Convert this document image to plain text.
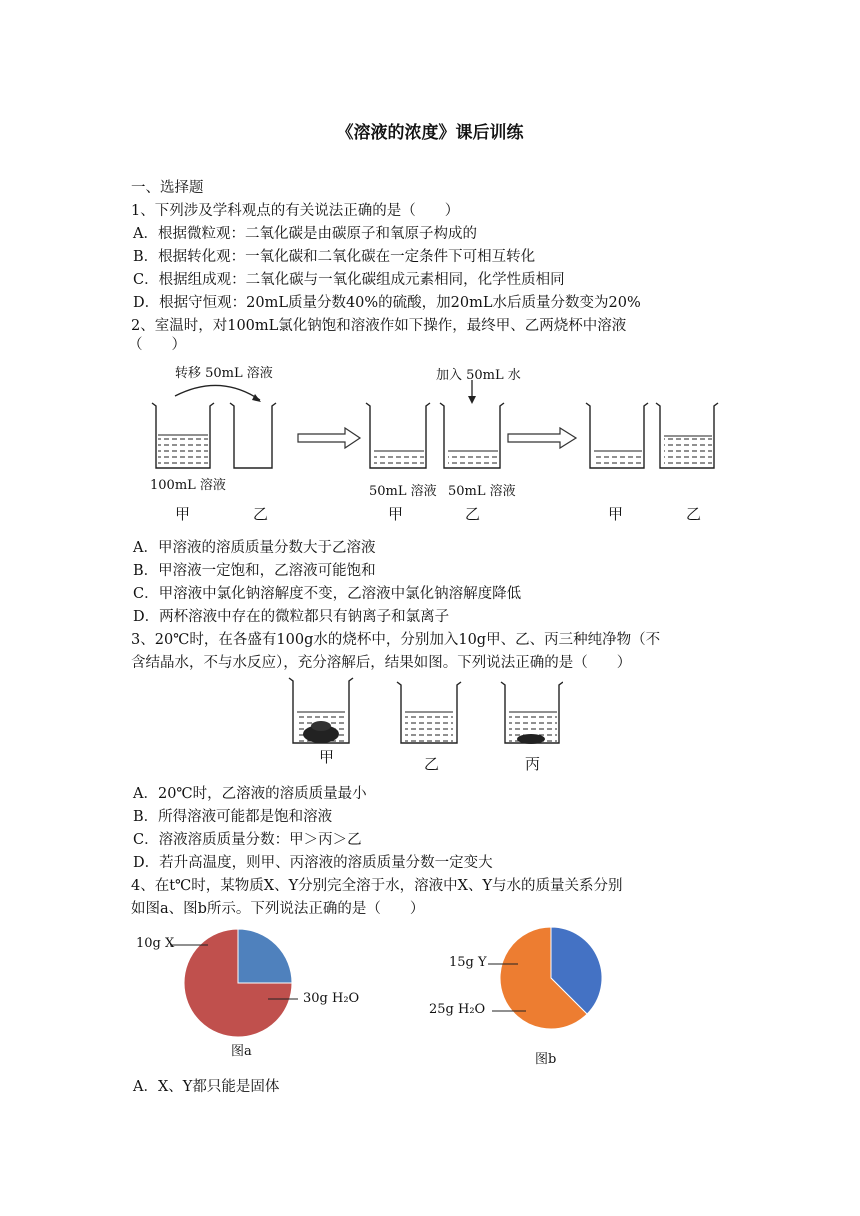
《溶液的浓度》课后训练
一、选择题
1、下列涉及学科观点的有关说法正确的是（　　）
A．根据微粒观：二氧化碳是由碳原子和氧原子构成的
B．根据转化观：一氧化碳和二氧化碳在一定条件下可相互转化
C．根据组成观：二氧化碳与一氧化碳组成元素相同，化学性质相同
D．根据守恒观：20mL质量分数40%的硫酸，加20mL水后质量分数变为20%
2、室温时，对100mL氯化钠饱和溶液作如下操作，最终甲、乙两烧杯中溶液
（　　）
转移 50mL 溶液	加入 50mL 水
100mL 溶液	50mL 溶液 50mL 溶液
甲	乙	甲	乙	甲	乙
A．甲溶液的溶质质量分数大于乙溶液
B．甲溶液一定饱和，乙溶液可能饱和
C．甲溶液中氯化钠溶解度不变，乙溶液中氯化钠溶解度降低
D．两杯溶液中存在的微粒都只有钠离子和氯离子
3、20℃时，在各盛有100g水的烧杯中，分别加入10g甲、乙、丙三种纯净物（不
含结晶水，不与水反应），充分溶解后，结果如图。下列说法正确的是（　　）
甲	乙	丙
A．20℃时，乙溶液的溶质质量最小
B．所得溶液可能都是饱和溶液
C．溶液溶质质量分数：甲＞丙＞乙
D．若升高温度，则甲、丙溶液的溶质质量分数一定变大
4、在t℃时，某物质X、Y分别完全溶于水，溶液中X、Y与水的质量关系分别
如图a、图b所示。下列说法正确的是（　　）
10g X
30g H₂O
图a
15g Y
25g H₂O
图b
A．X、Y都只能是固体
